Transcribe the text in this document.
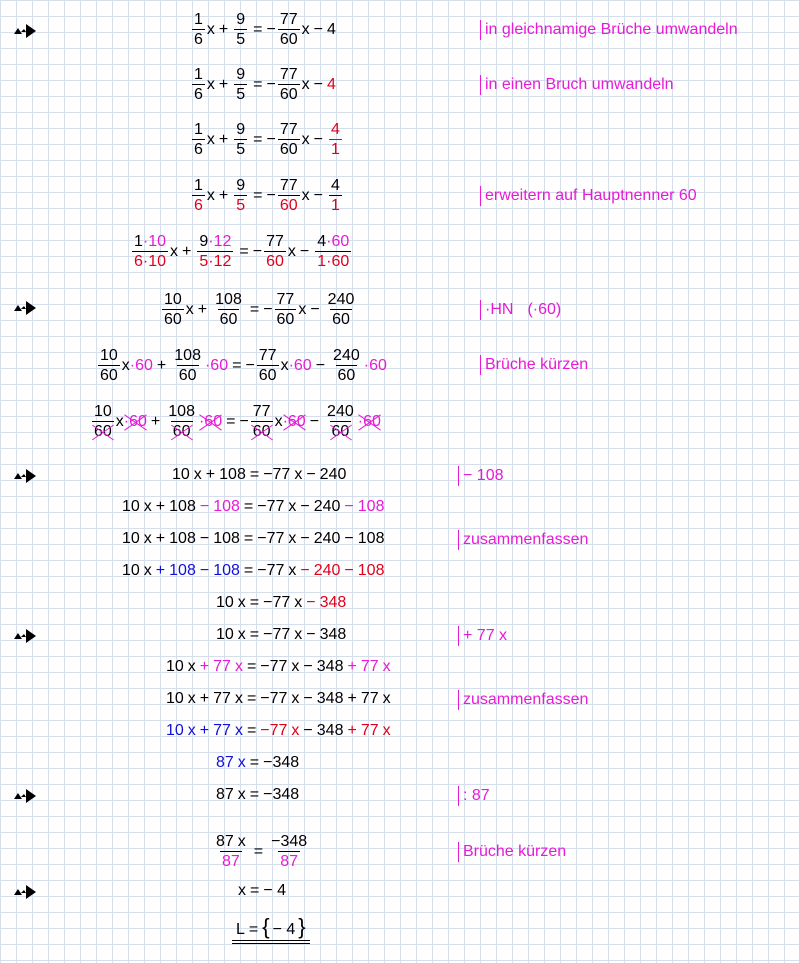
in gleichnamige Brüche umwandeln
in einen Bruch umwandeln
erweitern auf Hauptnenner 60
·HN (·60)
Brüche kürzen
− 108
zusammenfassen
+ 77 x
zusammenfassen
: 87
Brüche kürzen
$\frac{1}{6}$ $x + \frac{9}{5}$ = − $\frac{77}{60}$ x − 4
$\frac{1}{6}$ $x + \frac{9}{5}$ = − $\frac{77}{60}$ x − 4
$\frac{1}{6}$ $x + \frac{9}{5}$ = − $\frac{77}{60}$ $x - \frac{4}{1}$
$\frac{1}{6}$ $x + \frac{9}{5}$ = − $\frac{77}{60}$ $x - \frac{4}{1}$
$\frac{1\cdot 10}{6\cdot 10}$ $x + \frac{9\cdot 12}{5\cdot 12}$ = − $\frac{77}{60}$ $x - \frac{4\cdot 60}{1\cdot 60}$
$\frac{10}{60}$ $x + \frac{108}{60}$ = − $\frac{77}{60}$ $x - \frac{240}{60}$
$\frac{10}{60}$ $x \cdot 60 + \frac{108}{60} \cdot 60$ = − $\frac{77}{60}$ $x \cdot 60 - \frac{240}{60} \cdot 60$
$\frac{10}{60}$ $x \cdot 60 + \frac{108}{60} \cdot 60$ = − $\frac{77}{60}$ $x \cdot 60 - \frac{240}{60} \cdot 60$
10 x + 108 = − 77 x − 240
10 x + 108 − 108 = − 77 x − 240 − 108
10 x + 108 − 108 = − 77 x − 240 − 108
10 x + 108 − 108 = − 77 x − 240 − 108
10 x = − 77 x − 348
10 x = − 77 x − 348
10 x + 77 x = − 77 x − 348 + 77 x
10 x + 77 x = − 77 x − 348 + 77 x
10 x + 77 x = − 77 x − 348 + 77 x
87 x = − 348
87 x = − 348
$\frac{87 x}{87} = \frac{-348}{87}$
x = − 4
L = { − 4 }
